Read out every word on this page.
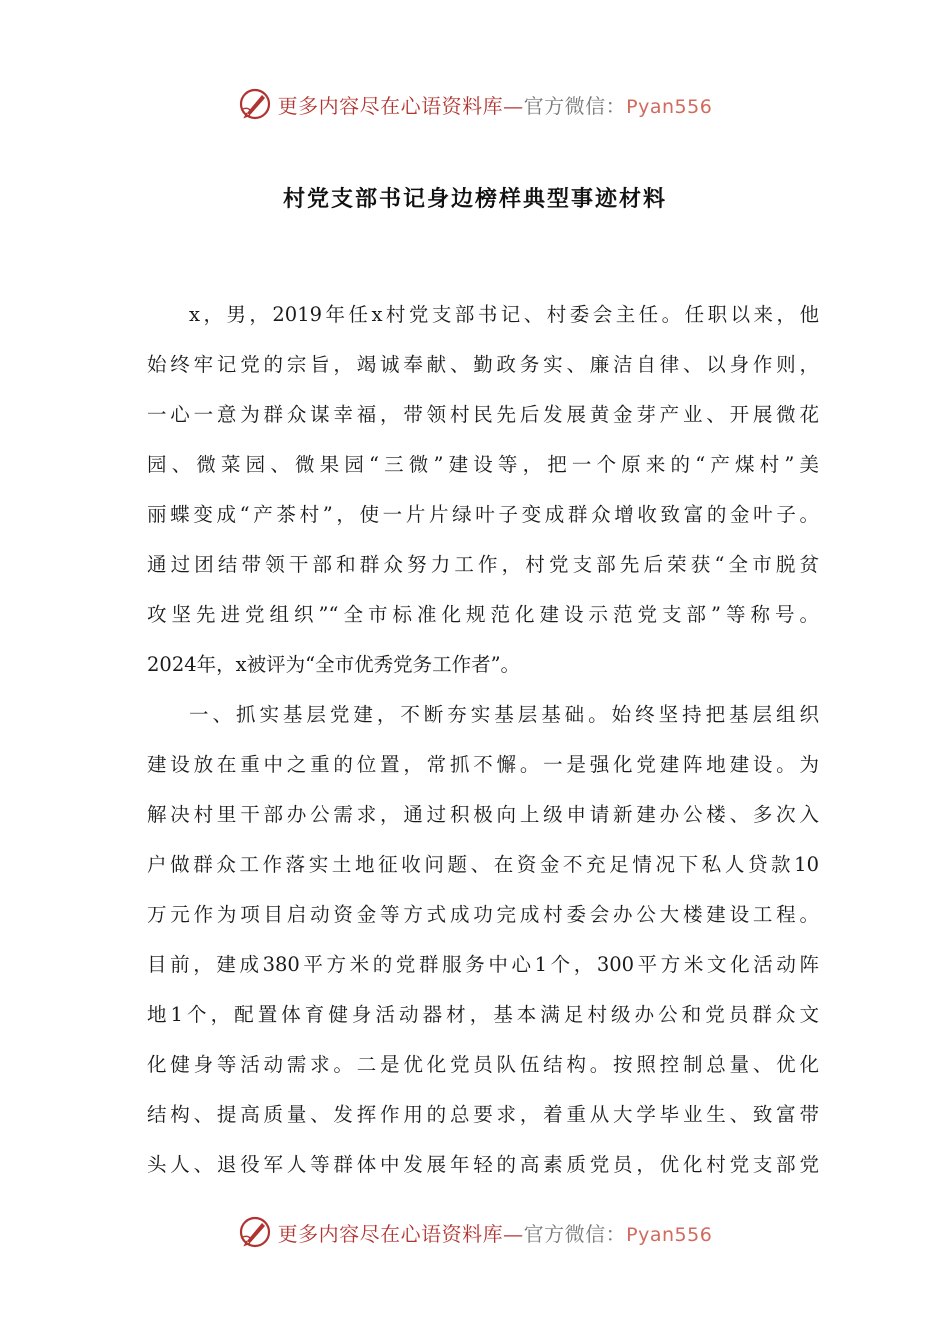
更多内容尽在心语资料库—官方微信：Pyan556
村党支部书记身边榜样典型事迹材料
x，男，2019年任x村党支部书记、村委会主任。任职以来，他
始终牢记党的宗旨，竭诚奉献、勤政务实、廉洁自律、以身作则，
一心一意为群众谋幸福，带领村民先后发展黄金芽产业、开展微花
园、微菜园、微果园“三微”建设等，把一个原来的“产煤村”美
丽蝶变成“产茶村”，使一片片绿叶子变成群众增收致富的金叶子。
通过团结带领干部和群众努力工作，村党支部先后荣获“全市脱贫
攻坚先进党组织”“全市标准化规范化建设示范党支部”等称号。
2024年，x被评为“全市优秀党务工作者”。
一、抓实基层党建，不断夯实基层基础。始终坚持把基层组织
建设放在重中之重的位置，常抓不懈。一是强化党建阵地建设。为
解决村里干部办公需求，通过积极向上级申请新建办公楼、多次入
户做群众工作落实土地征收问题、在资金不充足情况下私人贷款10
万元作为项目启动资金等方式成功完成村委会办公大楼建设工程。
目前，建成380平方米的党群服务中心1个，300平方米文化活动阵
地1个，配置体育健身活动器材，基本满足村级办公和党员群众文
化健身等活动需求。二是优化党员队伍结构。按照控制总量、优化
结构、提高质量、发挥作用的总要求，着重从大学毕业生、致富带
头人、退役军人等群体中发展年轻的高素质党员，优化村党支部党
更多内容尽在心语资料库—官方微信：Pyan556
